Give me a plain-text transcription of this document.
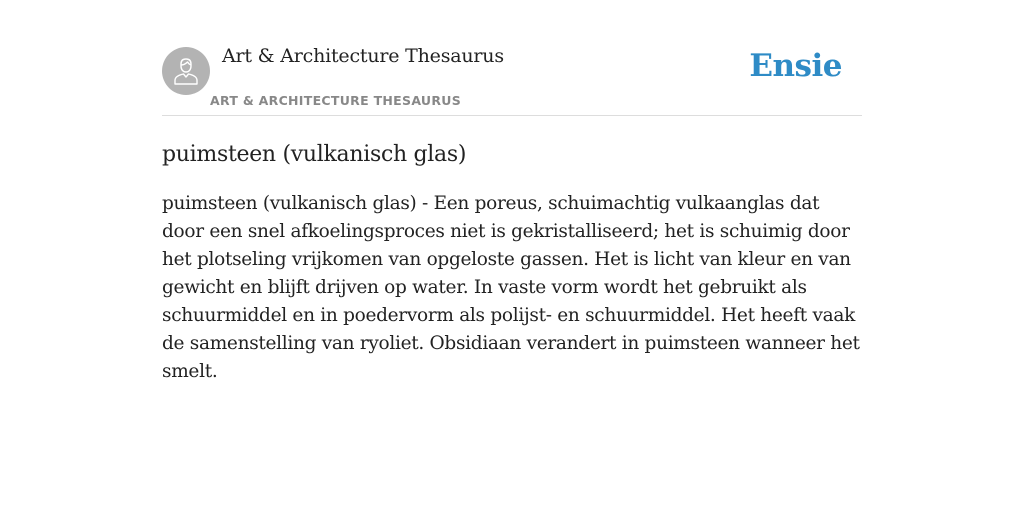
Art & Architecture Thesaurus
ART & ARCHITECTURE THESAURUS
Ensie
puimsteen (vulkanisch glas)

puimsteen (vulkanisch glas) - Een poreus, schuimachtig vulkaanglas dat door een snel afkoelingsproces niet is gekristalliseerd; het is schuimig door het plotseling vrijkomen van opgeloste gassen. Het is licht van kleur en van gewicht en blijft drijven op water. In vaste vorm wordt het gebruikt als schuurmiddel en in poedervorm als polijst- en schuurmiddel. Het heeft vaak de samenstelling van ryoliet. Obsidiaan verandert in puimsteen wanneer het smelt.
